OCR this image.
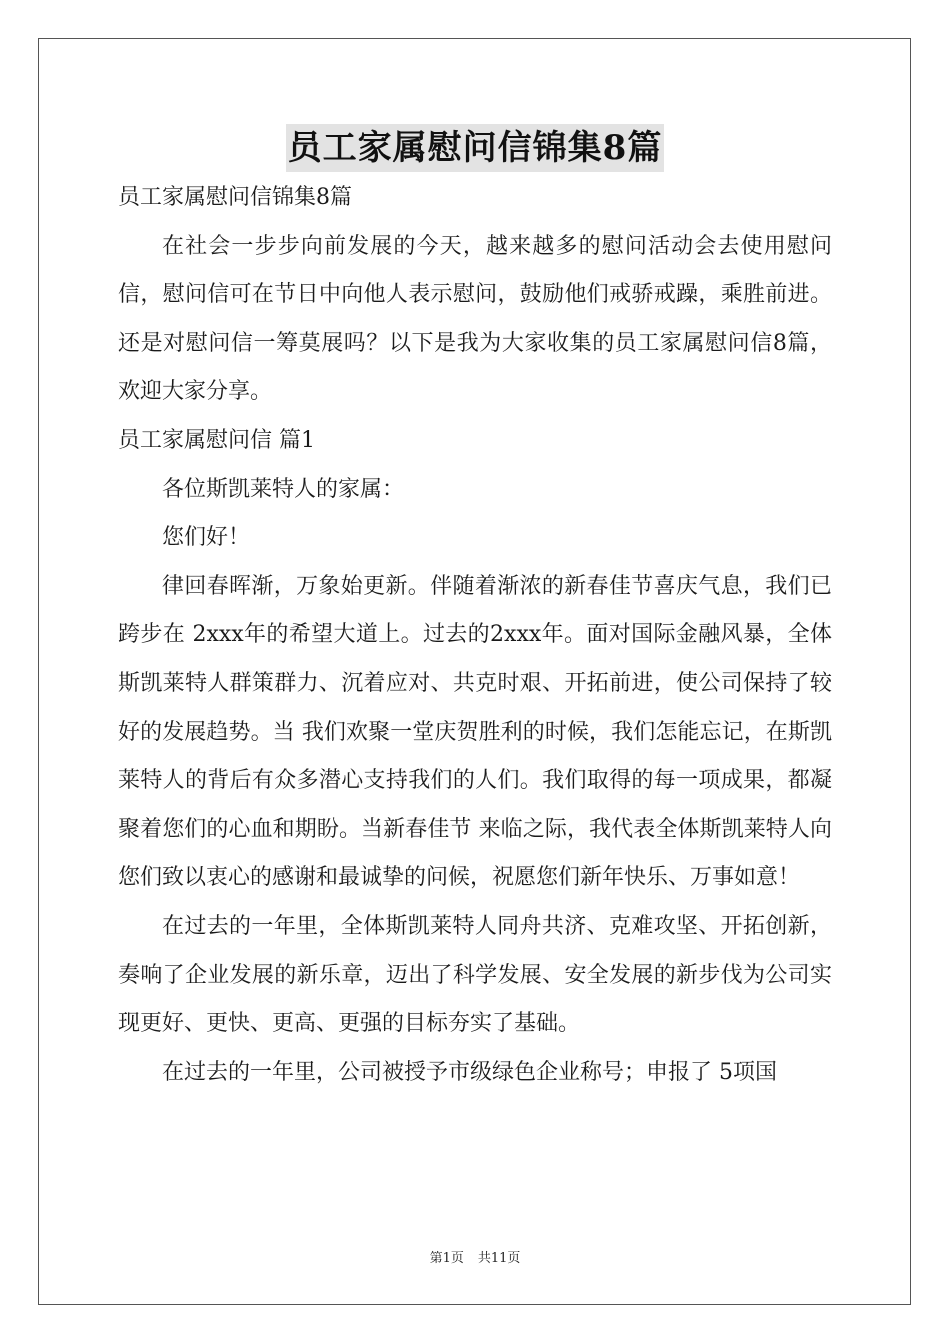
员工家属慰问信锦集8篇

员工家属慰问信锦集8篇

在社会一步步向前发展的今天，越来越多的慰问活动会去使用慰问信，慰问信可在节日中向他人表示慰问，鼓励他们戒骄戒躁，乘胜前进。还是对慰问信一筹莫展吗？以下是我为大家收集的员工家属慰问信8篇，欢迎大家分享。

员工家属慰问信 篇1

各位斯凯莱特人的家属：

您们好！

律回春晖渐，万象始更新。伴随着渐浓的新春佳节喜庆气息，我们已跨步在 2xxx年的希望大道上。过去的2xxx年。面对国际金融风暴，全体斯凯莱特人群策群力、沉着应对、共克时艰、开拓前进，使公司保持了较好的发展趋势。当 我们欢聚一堂庆贺胜利的时候，我们怎能忘记，在斯凯莱特人的背后有众多潜心支持我们的人们。我们取得的每一项成果，都凝聚着您们的心血和期盼。当新春佳节 来临之际，我代表全体斯凯莱特人向您们致以衷心的感谢和最诚挚的问候，祝愿您们新年快乐、万事如意！

在过去的一年里，全体斯凯莱特人同舟共济、克难攻坚、开拓创新，奏响了企业发展的新乐章，迈出了科学发展、安全发展的新步伐为公司实现更好、更快、更高、更强的目标夯实了基础。

在过去的一年里，公司被授予市级绿色企业称号；申报了 5项国

第1页 共11页
